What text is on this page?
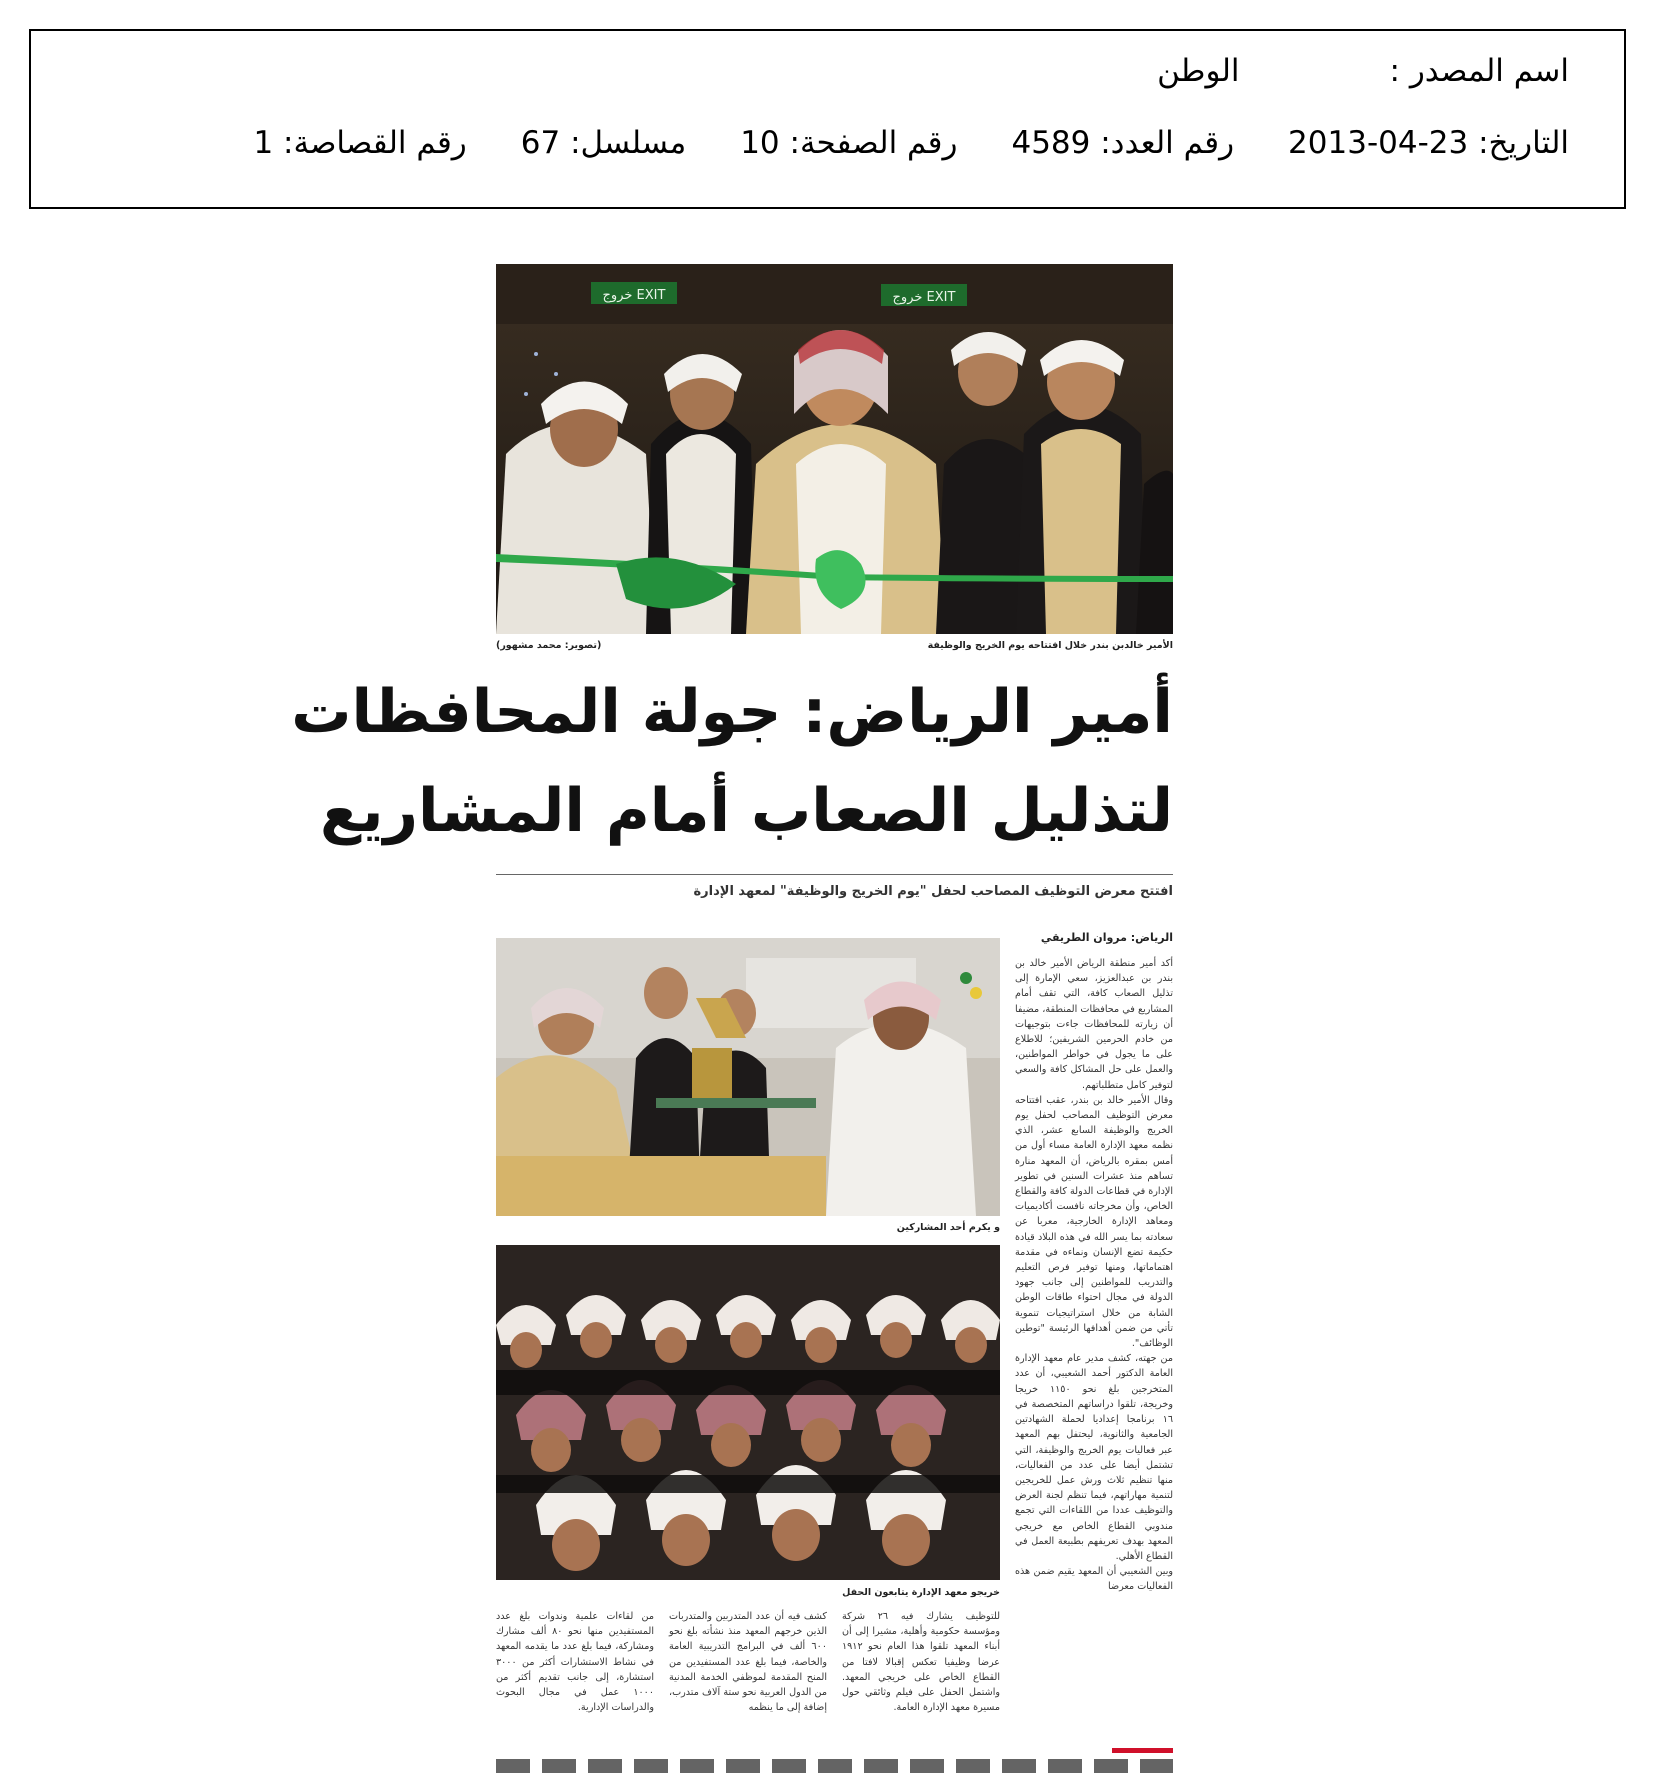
اسم المصدر :الوطن
التاريخ: 23-04-2013رقم العدد: 4589رقم الصفحة: 10مسلسل: 67رقم القصاصة: 1
EXIT خروج	EXIT خروج
الأمير خالدبن بندر خلال افتتاحه يوم الخريج والوظيفة
(تصوير: محمد مشهور)
أمير الرياض: جولة المحافظات
لتذليل الصعاب أمام المشاريع
افتتح معرض التوظيف المصاحب لحفل "يوم الخريج والوظيفة" لمعهد الإدارة
الرياض: مروان الطريقي
و يكرم أحد المشاركين
خريجو معهد الإدارة يتابعون الحفل

أكد أمير منطقة الرياض الأمير خالد بن بندر بن عبدالعزيز، سعي الإمارة إلى تذليل الصعاب كافة، التي تقف أمام المشاريع في محافظات المنطقة، مضيفا أن زيارته للمحافظات جاءت بتوجيهات من خادم الحرمين الشريفين؛ للاطلاع على ما يجول في خواطر المواطنين، والعمل على حل المشاكل كافة والسعي لتوفير كامل متطلباتهم.

وقال الأمير خالد بن بندر، عقب افتتاحه معرض التوظيف المصاحب لحفل يوم الخريج والوظيفة السابع عشر، الذي نظمه معهد الإدارة العامة مساء أول من أمس بمقره بالرياض، أن المعهد منارة تساهم منذ عشرات السنين في تطوير الإدارة في قطاعات الدولة كافة والقطاع الخاص، وأن مخرجاته نافست أكاديميات ومعاهد الإدارة الخارجية، معربا عن سعادته بما يسر الله في هذه البلاد قيادة حكيمة تضع الإنسان ونماءه في مقدمة اهتماماتها، ومنها توفير فرص التعليم والتدريب للمواطنين إلى جانب جهود الدولة في مجال احتواء طاقات الوطن الشابة من خلال استراتيجيات تنموية تأتي من ضمن أهدافها الرئيسة "توطين الوظائف".

من جهته، كشف مدير عام معهد الإدارة العامة الدكتور أحمد الشعيبي، أن عدد المتخرجين بلغ نحو ١١٥٠ خريجا وخريجة، تلقوا دراساتهم المتخصصة في ١٦ برنامجا إعداديا لحملة الشهادتين الجامعية والثانوية، ليحتفل بهم المعهد عبر فعاليات يوم الخريج والوظيفة، التي تشتمل أيضا على عدد من الفعاليات، منها تنظيم ثلاث ورش عمل للخريجين لتنمية مهاراتهم، فيما تنظم لجنة العرض والتوظيف عددا من اللقاءات التي تجمع مندوبي القطاع الخاص مع خريجي المعهد بهدف تعريفهم بطبيعة العمل في القطاع الأهلي.

وبين الشعيبي أن المعهد يقيم ضمن هذه الفعاليات معرضا

للتوظيف يشارك فيه ٢٦ شركة ومؤسسة حكومية وأهلية، مشيرا إلى أن أبناء المعهد تلقوا هذا العام نحو ١٩١٢ عرضا وظيفيا تعكس إقبالا لافتا من القطاع الخاص على خريجي المعهد. واشتمل الحفل على فيلم وثائقي حول مسيرة معهد الإدارة العامة.
كشف فيه أن عدد المتدربين والمتدربات الذين خرجهم المعهد منذ نشأته بلغ نحو ٦٠٠ ألف في البرامج التدريبية العامة والخاصة، فيما بلغ عدد المستفيدين من المنح المقدمة لموظفي الخدمة المدنية من الدول العربية نحو ستة آلاف متدرب، إضافة إلى ما ينظمه
من لقاءات علمية وندوات بلغ عدد المستفيدين منها نحو ٨٠ ألف مشارك ومشاركة، فيما بلغ عدد ما يقدمه المعهد في نشاط الاستشارات أكثر من ٣٠٠٠ استشارة، إلى جانب تقديم أكثر من ١٠٠٠ عمل في مجال البحوث والدراسات الإدارية.
